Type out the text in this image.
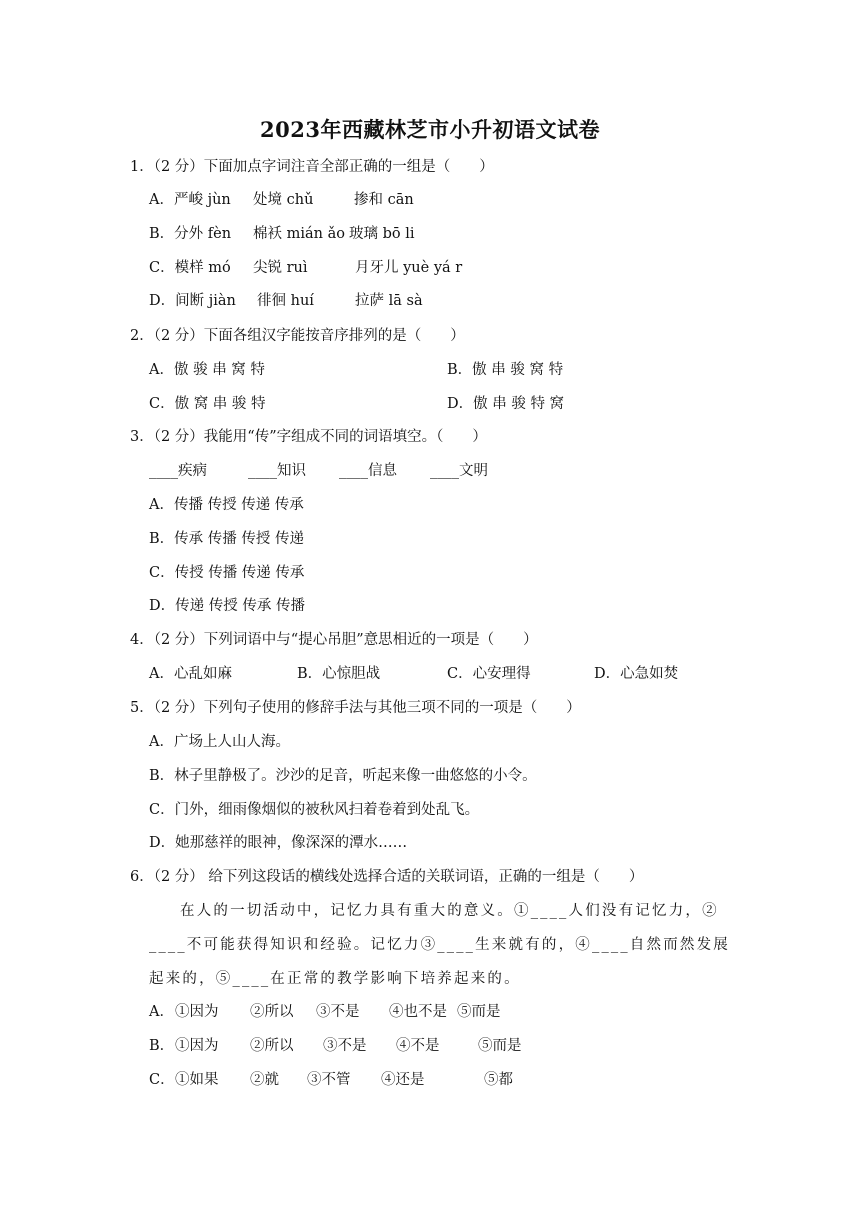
2023年西藏林芝市小升初语文试卷
1．（2 分）下面加点字词注音全部正确的一组是（　　）
A．严峻 jùn 处境 chǔ	掺和 cān
B．分外 fèn 棉袄 mián ǎo 玻璃 bō li
C．模样 mó 尖锐 ruì	月牙儿 yuè yá r
D．间断 jiàn 徘徊 huí	拉萨 lā sà
2．（2 分）下面各组汉字能按音序排列的是（　　）
A．傲 骏 串 窝 特	B．傲 串 骏 窝 特
C．傲 窝 串 骏 特	D．傲 串 骏 特 窝
3．（2 分）我能用“传”字组成不同的词语填空。（　　）
____疾病	____知识 ____信息 ____文明
A．传播 传授 传递 传承
B．传承 传播 传授 传递
C．传授 传播 传递 传承
D．传递 传授 传承 传播
4．（2 分）下列词语中与“提心吊胆”意思相近的一项是（　　）
A．心乱如麻	B．心惊胆战	C．心安理得	D．心急如焚
5．（2 分）下列句子使用的修辞手法与其他三项不同的一项是（　　）
A．广场上人山人海。
B．林子里静极了。沙沙的足音，听起来像一曲悠悠的小令。
C．门外，细雨像烟似的被秋风扫着卷着到处乱飞。
D．她那慈祥的眼神，像深深的潭水……
6．（2 分） 给下列这段话的横线处选择合适的关联词语，正确的一组是（　　）
在人的一切活动中，记忆力具有重大的意义。①____人们没有记忆力，②
____不可能获得知识和经验。记忆力③____生来就有的，④____自然而然发展
起来的，⑤____在正常的教学影响下培养起来的。
A． ①因为 ②所以 ③不是 ④也不是 ⑤而是
B． ①因为 ②所以 ③不是 ④不是	⑤而是
C． ①如果 ②就 ③不管 ④还是	⑤都
